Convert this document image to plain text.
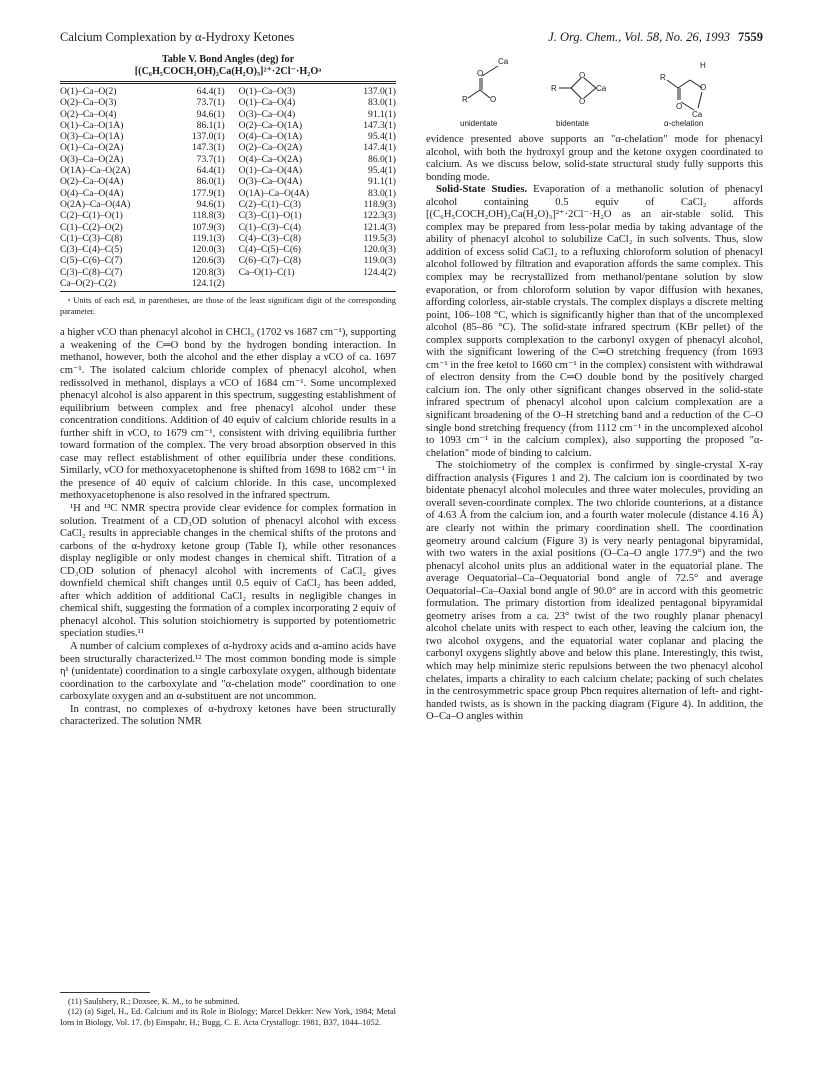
Calcium Complexation by α-Hydroxy Ketones	J. Org. Chem., Vol. 58, No. 26, 1993 7559
Table V. Bond Angles (deg) for
[(C₆H₅COCH₂OH)₂Ca(H₂O)₃]²⁺·2Cl⁻·H₂Oᵃ
O(1)–Ca–O(2)	64.4(1)	O(1)–Ca–O(3)	137.0(1)
O(2)–Ca–O(3)	73.7(1)	O(1)–Ca–O(4)	83.0(1)
O(2)–Ca–O(4)	94.6(1)	O(3)–Ca–O(4)	91.1(1)
O(1)–Ca–O(1A)	86.1(1)	O(2)–Ca–O(1A)	147.3(1)
O(3)–Ca–O(1A)	137.0(1)	O(4)–Ca–O(1A)	95.4(1)
O(1)–Ca–O(2A)	147.3(1)	O(2)–Ca–O(2A)	147.4(1)
O(3)–Ca–O(2A)	73.7(1)	O(4)–Ca–O(2A)	86.0(1)
O(1A)–Ca–O(2A)	64.4(1)	O(1)–Ca–O(4A)	95.4(1)
O(2)–Ca–O(4A)	86.0(1)	O(3)–Ca–O(4A)	91.1(1)
O(4)–Ca–O(4A)	177.9(1)	O(1A)–Ca–O(4A)	83.0(1)
O(2A)–Ca–O(4A)	94.6(1)	C(2)–C(1)–C(3)	118.9(3)
C(2)–C(1)–O(1)	118.8(3)	C(3)–C(1)–O(1)	122.3(3)
C(1)–C(2)–O(2)	107.9(3)	C(1)–C(3)–C(4)	121.4(3)
C(1)–C(3)–C(8)	119.1(3)	C(4)–C(3)–C(8)	119.5(3)
C(3)–C(4)–C(5)	120.0(3)	C(4)–C(5)–C(6)	120.0(3)
C(5)–C(6)–C(7)	120.6(3)	C(6)–C(7)–C(8)	119.0(3)
C(3)–C(8)–C(7)	120.8(3)	Ca–O(1)–C(1)	124.4(2)
Ca–O(2)–C(2)	124.1(2)		
ᵃ Units of each esd, in parentheses, are those of the least significant digit of the corresponding parameter.

a higher νCO than phenacyl alcohol in CHCl₃ (1702 vs 1687 cm⁻¹), supporting a weakening of the C═O bond by the hydrogen bonding interaction. In methanol, however, both the alcohol and the ether display a νCO of ca. 1697 cm⁻¹. The isolated calcium chloride complex of phenacyl alcohol, when redissolved in methanol, displays a νCO of 1684 cm⁻¹. Some uncomplexed phenacyl alcohol is also apparent in this spectrum, suggesting establishment of equilibrium between complex and free phenacyl alcohol under these concentration conditions. Addition of 40 equiv of calcium chloride results in a further shift in νCO, to 1679 cm⁻¹, consistent with driving equilibria further toward formation of the complex. The very broad absorption observed in this case may reflect establishment of other equilibria under these conditions. Similarly, νCO for methoxyacetophenone is shifted from 1698 to 1682 cm⁻¹ in the presence of 40 equiv of calcium chloride. In this case, uncomplexed methoxyacetophenone is also resolved in the infrared spectrum.

¹H and ¹³C NMR spectra provide clear evidence for complex formation in solution. Treatment of a CD₃OD solution of phenacyl alcohol with excess CaCl₂ results in appreciable changes in the chemical shifts of the protons and carbons of the α-hydroxy ketone group (Table I), while other resonances display negligible or only modest changes in chemical shift. Titration of a CD₃OD solution of phenacyl alcohol with increments of CaCl₂ gives downfield chemical shift changes until 0.5 equiv of CaCl₂ has been added, after which addition of additional CaCl₂ results in negligible changes in chemical shift, suggesting the formation of a complex incorporating 2 equiv of phenacyl alcohol. This solution stoichiometry is supported by potentiometric speciation studies.¹¹

A number of calcium complexes of α-hydroxy acids and α-amino acids have been structurally characterized.¹² The most common bonding mode is simple η¹ (unidentate) coordination to a single carboxylate oxygen, although bidentate coordination to the carboxylate and "α-chelation mode" coordination to one carboxylate oxygen and an α-substituent are not uncommon.

In contrast, no complexes of α-hydroxy ketones have been structurally characterized. The solution NMR

(11) Saulsbery, R.; Doxsee, K. M., to be submitted.

(12) (a) Sigel, H., Ed. Calcium and its Role in Biology; Marcel Dekker: New York, 1984; Metal Ions in Biology, Vol. 17. (b) Einspahr, H.; Bugg, C. E. Acta Crystallogr. 1981, B37, 1044–1052.

Ca
O
R	O
R
O
O
Ca
R
O
O
H
Ca
unidentate	bidentate	α-chelation

evidence presented above supports an "α-chelation" mode for phenacyl alcohol, with both the hydroxyl group and the ketone oxygen coordinated to calcium. As we discuss below, solid-state structural study fully supports this bonding mode.

Solid-State Studies. Evaporation of a methanolic solution of phenacyl alcohol containing 0.5 equiv of CaCl₂ affords [(C₆H₅COCH₂OH)₂Ca(H₂O)₃]²⁺·2Cl⁻·H₂O as an air-stable solid. This complex may be prepared from less-polar media by taking advantage of the ability of phenacyl alcohol to solubilize CaCl₂ in such solvents. Thus, slow addition of excess solid CaCl₂ to a refluxing chloroform solution of phenacyl alcohol followed by filtration and evaporation affords the same complex. This complex may be recrystallized from methanol/pentane solution by slow evaporation, or from chloroform solution by vapor diffusion with hexanes, affording colorless, air-stable crystals. The complex displays a discrete melting point, 106–108 °C, which is significantly higher than that of the uncomplexed alcohol (85–86 °C). The solid-state infrared spectrum (KBr pellet) of the complex supports complexation to the carbonyl oxygen of phenacyl alcohol, with the significant lowering of the C═O stretching frequency (from 1693 cm⁻¹ in the free ketol to 1660 cm⁻¹ in the complex) consistent with withdrawal of electron density from the C═O double bond by the positively charged calcium ion. The only other significant changes observed in the solid-state infrared spectrum of phenacyl alcohol upon calcium complexation are a significant broadening of the O–H stretching band and a reduction of the C–O single bond stretching frequency (from 1112 cm⁻¹ in the uncomplexed alcohol to 1093 cm⁻¹ in the calcium complex), also supporting the proposed "α-chelation" mode of binding to calcium.

The stoichiometry of the complex is confirmed by single-crystal X-ray diffraction analysis (Figures 1 and 2). The calcium ion is coordinated by two bidentate phenacyl alcohol molecules and three water molecules, providing an overall seven-coordinate complex. The two chloride counterions, at a distance of 4.63 Å from the calcium ion, and a fourth water molecule (distance 4.16 Å) are clearly not within the primary coordination shell. The coordination geometry around calcium (Figure 3) is very nearly pentagonal bipyramidal, with two waters in the axial positions (O–Ca–O angle 177.9°) and the two phenacyl alcohol units plus an additional water in the equatorial plane. The average Oequatorial–Ca–Oequatorial bond angle of 72.5° and average Oequatorial–Ca–Oaxial bond angle of 90.0° are in accord with this geometric formulation. The primary distortion from idealized pentagonal bipyramidal geometry arises from a ca. 23° twist of the two roughly planar phenacyl alcohol chelate units with respect to each other, leaving the calcium ion, the two alcohol oxygens, and the equatorial water coplanar and placing the carbonyl oxygens slightly above and below this plane. Interestingly, this twist, which may help minimize steric repulsions between the two phenacyl alcohol chelates, imparts a chirality to each calcium chelate; packing of such chelates in the centrosymmetric space group Pbcn requires alternation of left- and right-handed twists, as is shown in the packing diagram (Figure 4). In addition, the O–Ca–O angles within
